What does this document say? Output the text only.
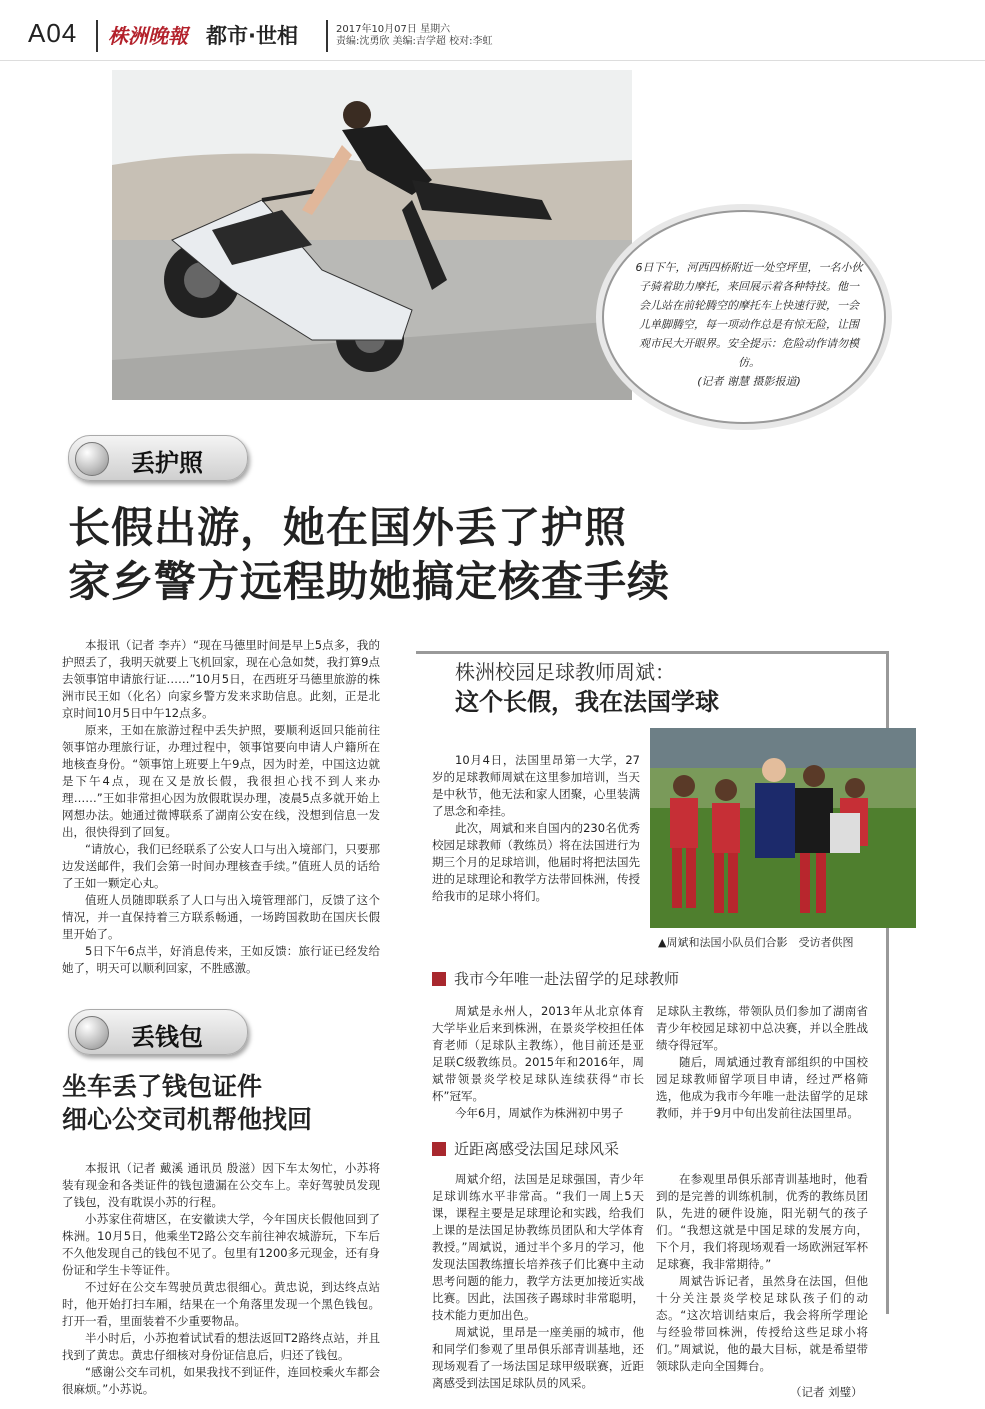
A04 株洲晚報 都市·世相	2017年10月07日 星期六
责编:沈勇欣 美编:吉学超 校对:李虹
6日下午，河西四桥附近一处空坪里，一名小伙子骑着助力摩托，来回展示着各种特技。他一会儿站在前轮腾空的摩托车上快速行驶，一会儿单脚腾空，每一项动作总是有惊无险，让围观市民大开眼界。安全提示：危险动作请勿模仿。
(记者 谢慧 摄影报道)
丢护照
长假出游，她在国外丢了护照
家乡警方远程助她搞定核查手续

本报讯（记者 李卉）“现在马德里时间是早上5点多，我的护照丢了，我明天就要上飞机回家，现在心急如焚，我打算9点去领事馆申请旅行证……”10月5日，在西班牙马德里旅游的株洲市民王如（化名）向家乡警方发来求助信息。此刻，正是北京时间10月5日中午12点多。

原来，王如在旅游过程中丢失护照，要顺利返回只能前往领事馆办理旅行证，办理过程中，领事馆要向申请人户籍所在地核查身份。“领事馆上班要上午9点，因为时差，中国这边就是下午4点，现在又是放长假，我很担心找不到人来办理……”王如非常担心因为放假耽误办理，凌晨5点多就开始上网想办法。她通过微博联系了湖南公安在线，没想到信息一发出，很快得到了回复。

“请放心，我们已经联系了公安人口与出入境部门，只要那边发送邮件，我们会第一时间办理核查手续。”值班人员的话给了王如一颗定心丸。

值班人员随即联系了人口与出入境管理部门，反馈了这个情况，并一直保持着三方联系畅通，一场跨国救助在国庆长假里开始了。

5日下午6点半，好消息传来，王如反馈：旅行证已经发给她了，明天可以顺利回家，不胜感激。

丢钱包
坐车丢了钱包证件
细心公交司机帮他找回

本报讯（记者 戴溪 通讯员 殷滋）因下车太匆忙，小苏将装有现金和各类证件的钱包遗漏在公交车上。幸好驾驶员发现了钱包，没有耽误小苏的行程。

小苏家住荷塘区，在安徽读大学，今年国庆长假他回到了株洲。10月5日，他乘坐T2路公交车前往神农城游玩，下车后不久他发现自己的钱包不见了。包里有1200多元现金，还有身份证和学生卡等证件。

不过好在公交车驾驶员黄忠很细心。黄忠说，到达终点站时，他开始打扫车厢，结果在一个角落里发现一个黑色钱包。打开一看，里面装着不少重要物品。

半小时后，小苏抱着试试看的想法返回T2路终点站，并且找到了黄忠。黄忠仔细核对身份证信息后，归还了钱包。

“感谢公交车司机，如果我找不到证件，连回校乘火车都会很麻烦。”小苏说。

株洲校园足球教师周斌：
这个长假，我在法国学球

10月4日，法国里昂第一大学，27岁的足球教师周斌在这里参加培训，当天是中秋节，他无法和家人团聚，心里装满了思念和牵挂。

此次，周斌和来自国内的230名优秀校园足球教师（教练员）将在法国进行为期三个月的足球培训，他届时将把法国先进的足球理论和教学方法带回株洲，传授给我市的足球小将们。

▲周斌和法国小队员们合影　受访者供图
我市今年唯一赴法留学的足球教师

周斌是永州人，2013年从北京体育大学毕业后来到株洲，在景炎学校担任体育老师（足球队主教练），他目前还是亚足联C级教练员。2015年和2016年，周斌带领景炎学校足球队连续获得“市长杯”冠军。

今年6月，周斌作为株洲初中男子

足球队主教练，带领队员们参加了湖南省青少年校园足球初中总决赛，并以全胜战绩夺得冠军。

随后，周斌通过教育部组织的中国校园足球教师留学项目申请，经过严格筛选，他成为我市今年唯一赴法留学的足球教师，并于9月中旬出发前往法国里昂。

近距离感受法国足球风采

周斌介绍，法国是足球强国，青少年足球训练水平非常高。“我们一周上5天课，课程主要是足球理论和实践，给我们上课的是法国足协教练员团队和大学体育教授。”周斌说，通过半个多月的学习，他发现法国教练擅长培养孩子们比赛中主动思考问题的能力，教学方法更加接近实战比赛。因此，法国孩子踢球时非常聪明，技术能力更加出色。

周斌说，里昂是一座美丽的城市，他和同学们参观了里昂俱乐部青训基地，还现场观看了一场法国足球甲级联赛，近距离感受到法国足球队员的风采。

在参观里昂俱乐部青训基地时，他看到的是完善的训练机制，优秀的教练员团队，先进的硬件设施，阳光朝气的孩子们。“我想这就是中国足球的发展方向，下个月，我们将现场观看一场欧洲冠军杯足球赛，我非常期待。”

周斌告诉记者，虽然身在法国，但他十分关注景炎学校足球队孩子们的动态。“这次培训结束后，我会将所学理论与经验带回株洲，传授给这些足球小将们。”周斌说，他的最大目标，就是希望带领球队走向全国舞台。

（记者 刘璧）
